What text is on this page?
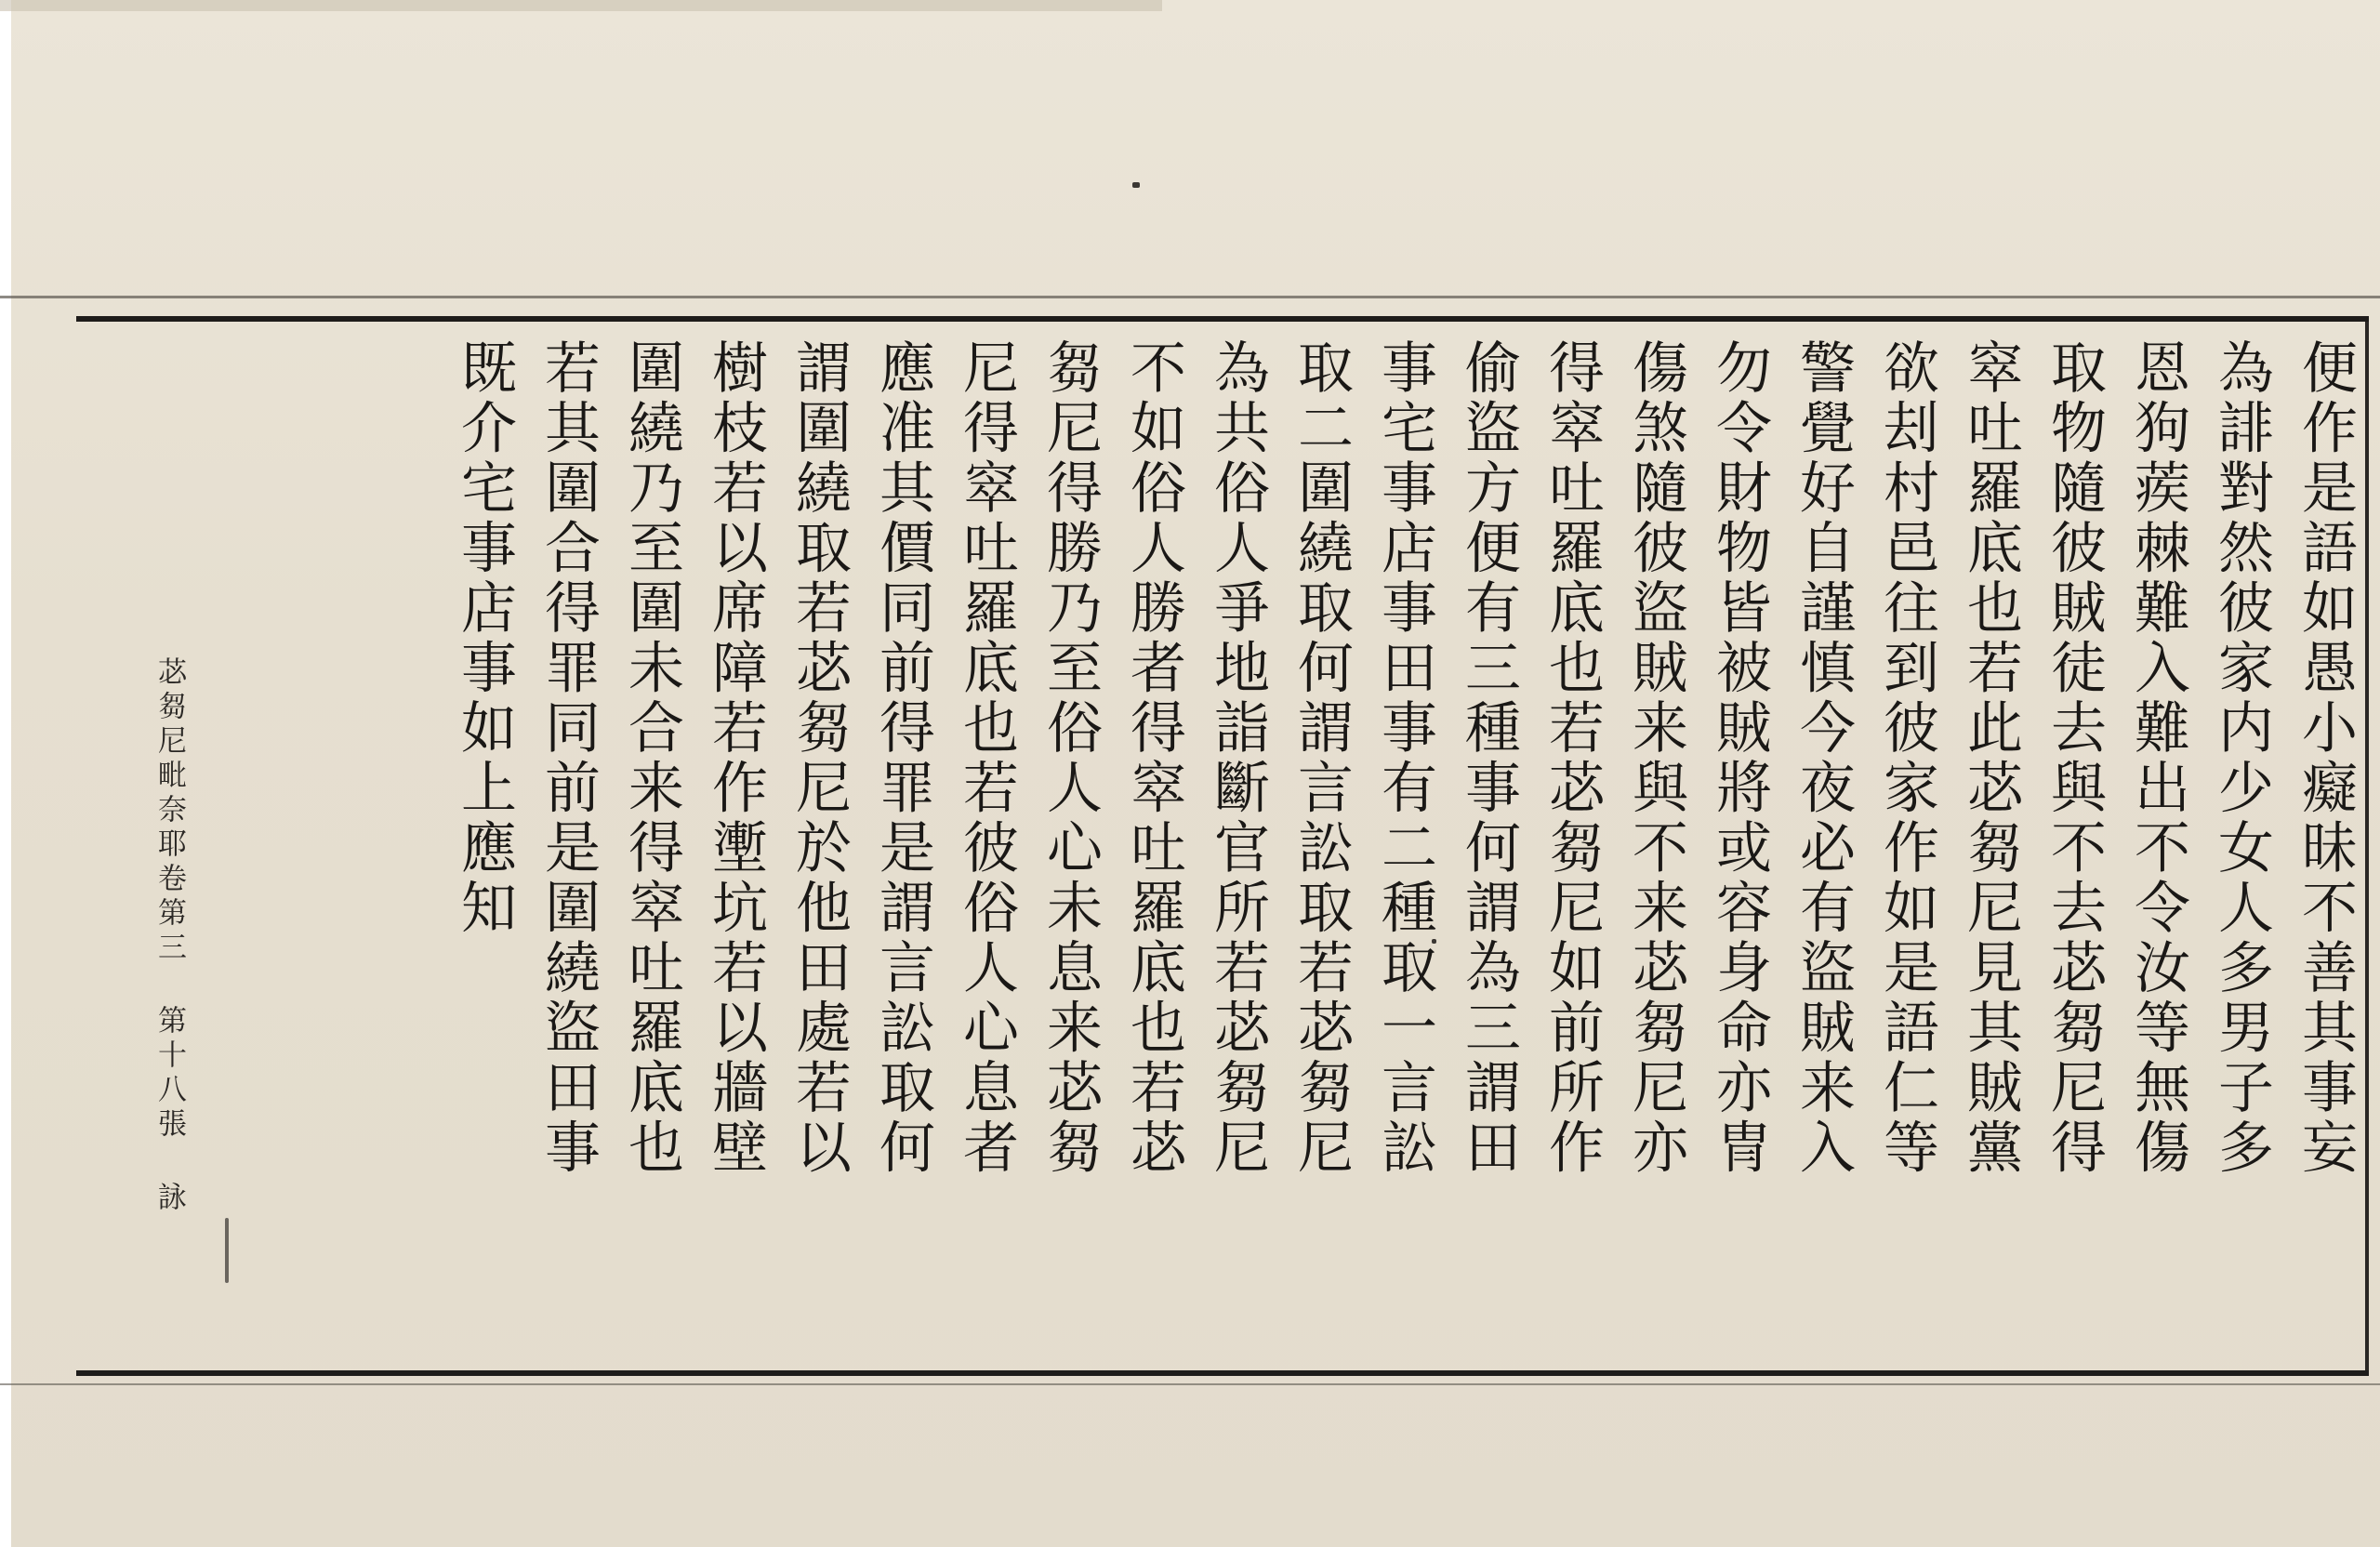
便作是語如愚小癡昧不善其事妄
為誹對然彼家内少女人多男子多
恩狗蒺棘難入難出不令汝等無傷
取物隨彼賊徒去與不去苾芻尼得
窣吐羅底也若此苾芻尼見其賊黨
欲刦村邑往到彼家作如是語仁等
警覺好自謹慎今夜必有盜賊来入
勿令財物皆被賊將或容身命亦冑
傷煞隨彼盜賊来與不来苾芻尼亦
得窣吐羅底也若苾芻尼如前所作
偷盜方便有三種事何謂為三謂田
事宅事店事田事有二種取一言訟
取二圍繞取何謂言訟取若苾芻尼
為共俗人爭地詣斷官所若苾芻尼
不如俗人勝者得窣吐羅底也若苾
芻尼得勝乃至俗人心未息来苾芻
尼得窣吐羅底也若彼俗人心息者
應准其價同前得罪是謂言訟取何
謂圍繞取若苾芻尼於他田處若以
樹枝若以席障若作壍坑若以牆壁
圍繞乃至圍未合来得窣吐羅底也
若其圍合得罪同前是圍繞盜田事
既介宅事店事如上應知
苾芻尼毗奈耶卷第三 第十八張 詠
